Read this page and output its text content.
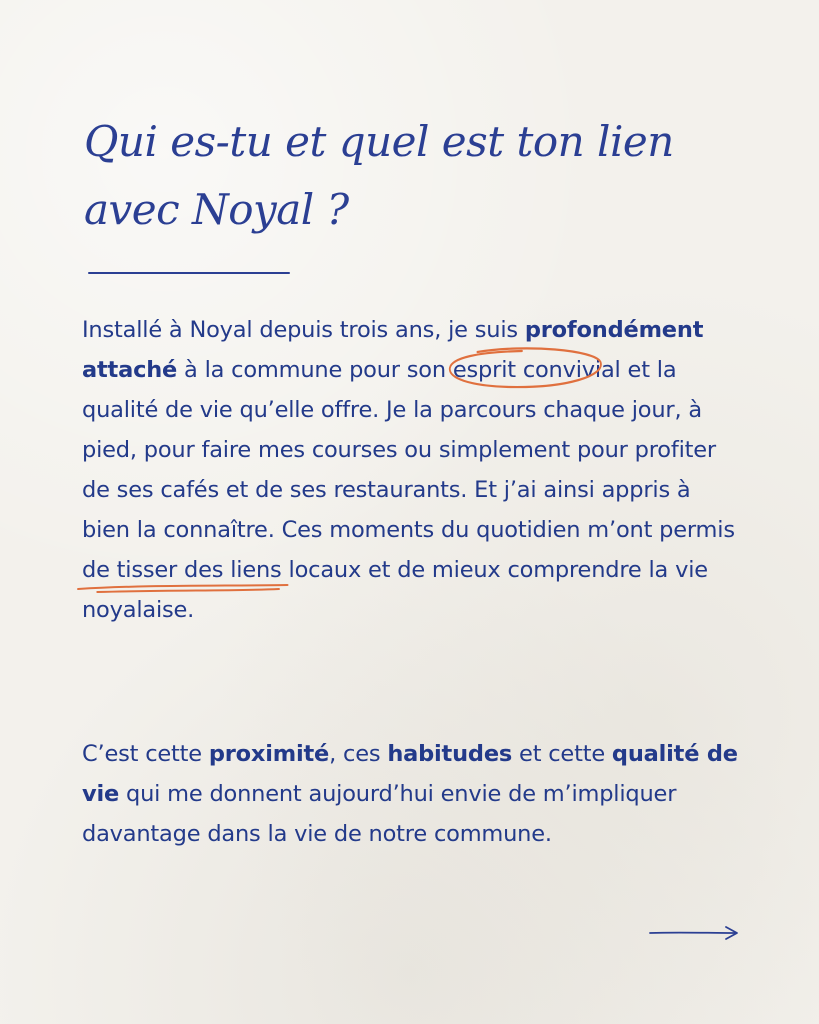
Qui es-tu et quel est ton lien
avec Noyal ?

Installé à Noyal depuis trois ans, je suis profondément attaché à la commune pour son esprit conviv
ial et la qualité de vie qu’elle offre. Je la parcours chaque jour, à pied, pour faire mes courses ou simplement pour profiter de ses cafés et de ses restaurants. Et j’ai ainsi appris à bien la connaître. Ces moments du quotidien m’ont permis de tisser des liens
locaux et de mieux comprendre la vie noyalaise.

C’est cette proximité, ces habitudes et cette qualité de vie qui me donnent aujourd’hui envie de m’impliquer davantage dans la vie de notre commune.
